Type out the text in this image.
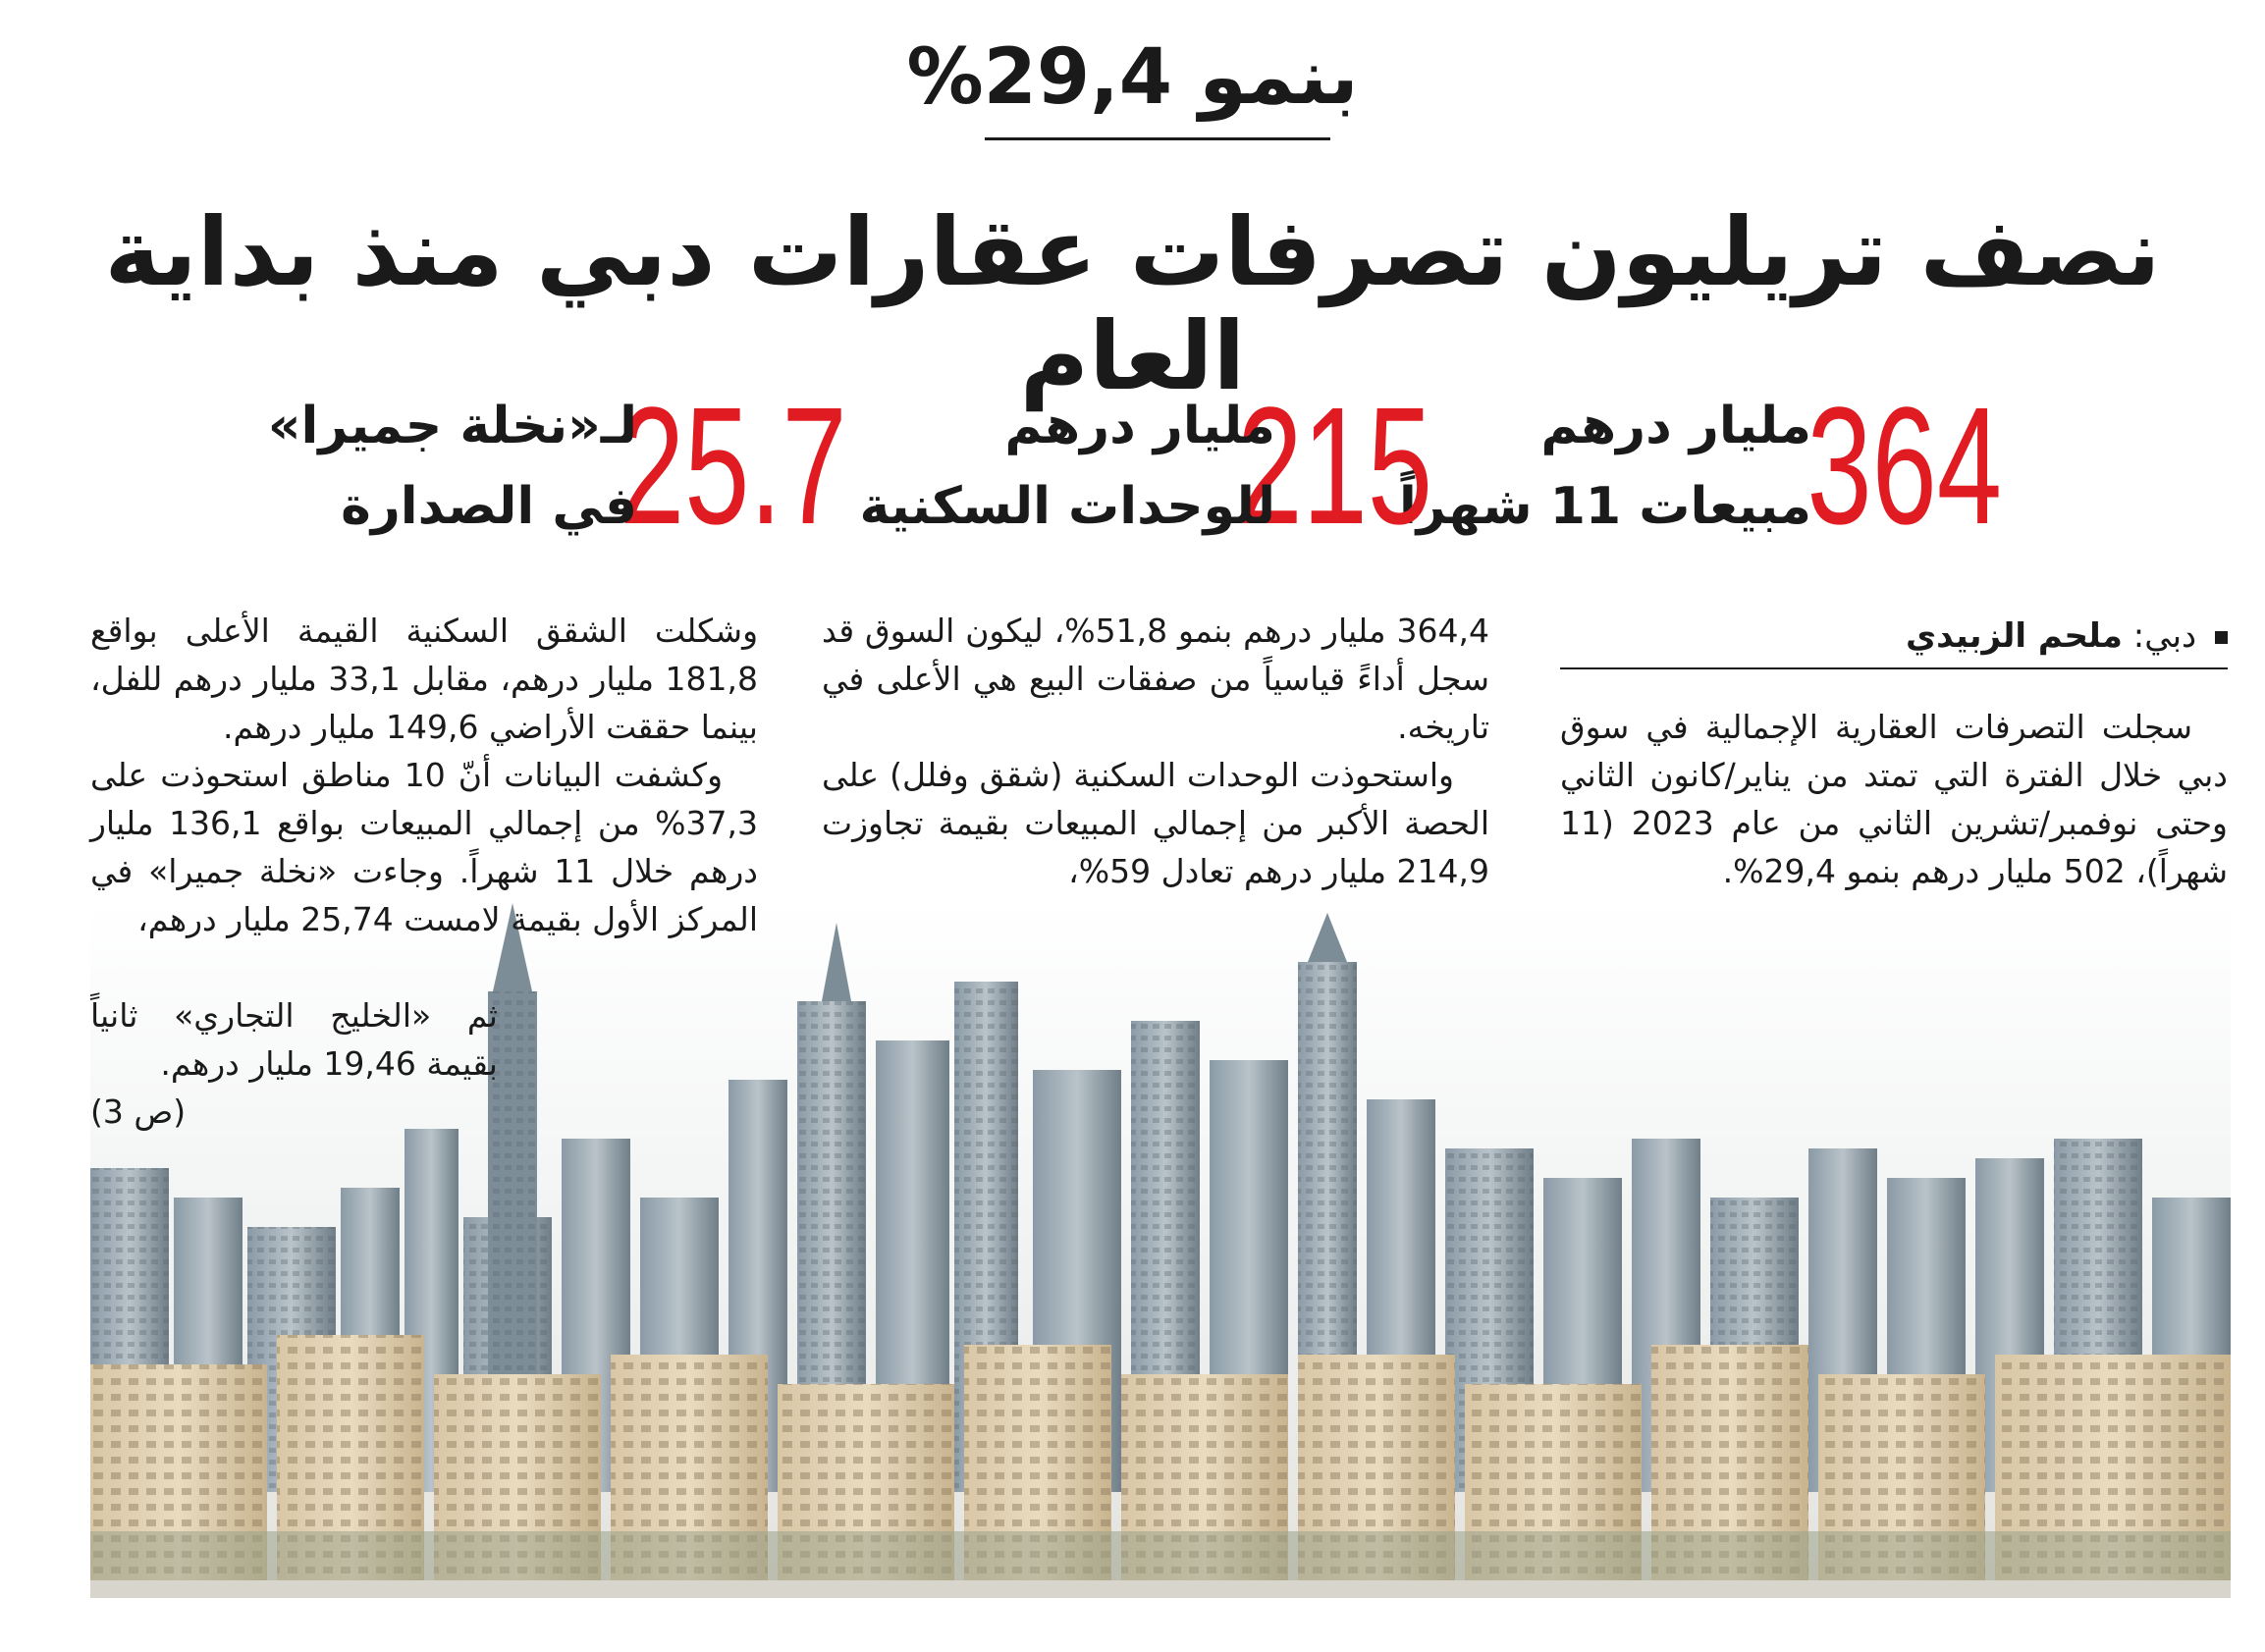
بنمو 29,4%
نصف تريليون تصرفات عقارات دبي منذ بداية العام
364
مليار درهم
مبيعات 11 شهراً
215
مليار درهم
للوحدات السكنية
25.7
لـ«نخلة جميرا»
في الصدارة
دبي: ملحم الزبيدي

سجلت التصرفات العقارية الإجمالية في سوق دبي خلال الفترة التي تمتد من يناير/كانون الثاني وحتى نوفمبر/تشرين الثاني من عام 2023 (11 شهراً)، 502 مليار درهم بنمو 29,4%.

364,4 مليار درهم بنمو 51,8%، ليكون السوق قد سجل أداءً قياسياً من صفقات البيع هي الأعلى في تاريخه.

واستحوذت الوحدات السكنية (شقق وفلل) على الحصة الأكبر من إجمالي المبيعات بقيمة تجاوزت 214,9 مليار درهم تعادل 59%،

وشكلت الشقق السكنية القيمة الأعلى بواقع 181,8 مليار درهم، مقابل 33,1 مليار درهم للفل، بينما حققت الأراضي 149,6 مليار درهم.

وكشفت البيانات أنّ 10 مناطق استحوذت على 37,3% من إجمالي المبيعات بواقع 136,1 مليار درهم خلال 11 شهراً. وجاءت «نخلة جميرا» في المركز الأول بقيمة لامست 25,74 مليار درهم،

ثم «الخليج التجاري» ثانياً بقيمة 19,46 مليار درهم.
(ص 3)
